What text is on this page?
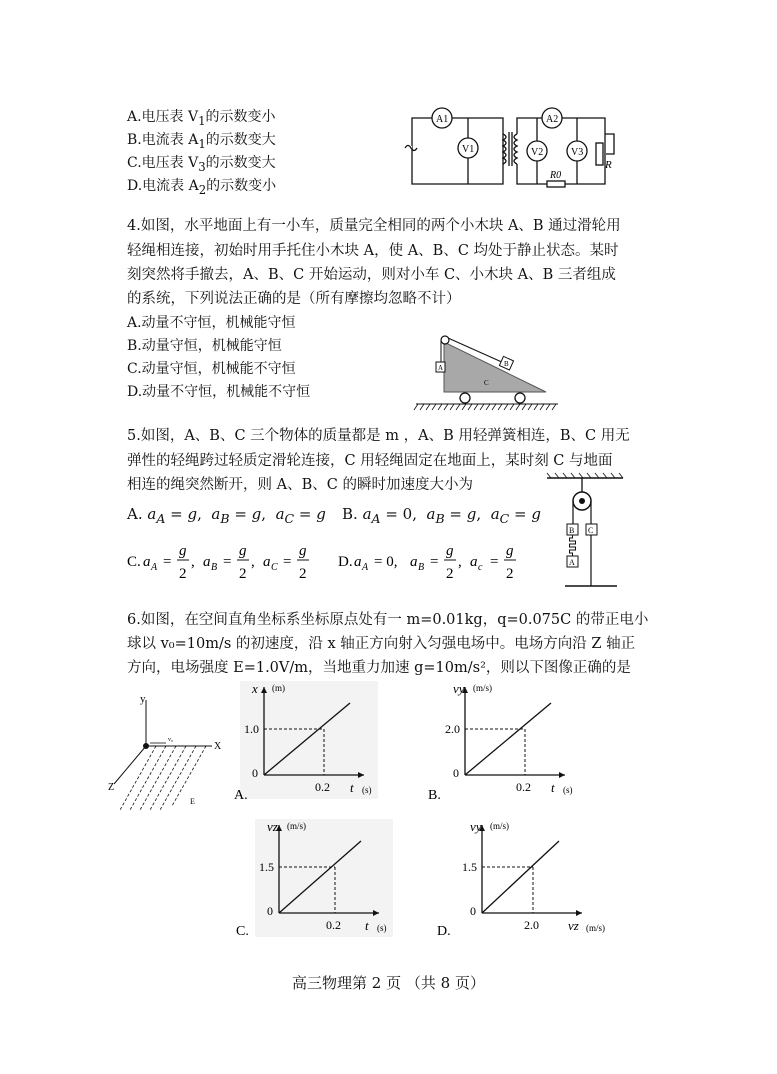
A.电压表 $V_1$的示数变小
B.电流表 $A_1$的示数变大
C.电压表 $V_3$的示数变大
D.电流表 $A_2$的示数变小
A1
V1
A2
V2	V3
R
R0
4.如图，水平地面上有一小车，质量完全相同的两个小木块 A、B 通过滑轮用
轻绳相连接，初始时用手托住小木块 A，使 A、B、C 均处于静止状态。某时
刻突然将手撤去，A、B、C 开始运动，则对小车 C、小木块 A、B 三者组成
的系统，下列说法正确的是（所有摩擦均忽略不计）
A.动量不守恒，机械能守恒
B.动量守恒，机械能守恒
C.动量守恒，机械能不守恒
D.动量不守恒，机械能不守恒
A	B
C
5.如图，A、B、C 三个物体的质量都是 m ，A、B 用轻弹簧相连，B、C 用无
弹性的轻绳跨过轻质定滑轮连接，C 用轻绳固定在地面上，某时刻 C 与地面
相连的绳突然断开，则 A、B、C 的瞬时加速度大小为
A. $a_A = g$,  $a_B = g$,  $a_C = g$ B. $a_A = 0$,  $a_B = g$,  $a_C = g$
C. a A =
g
2
, a B =
g
2
, a C =
g
2
D. a A = 0, a B =
g
2
, a c =
g
2
B C
A
6.如图，在空间直角坐标系坐标原点处有一 m=0.01kg，q=0.075C 的带正电小
球以 v₀=10m/s 的初速度，沿 x 轴正方向射入匀强电场中。电场方向沿 Z 轴正
方向，电场强度 E=1.0V/m，当地重力加速 g=10m/s²，则以下图像正确的是
y
X
Z
v₀
E
1.0
0.2
0
x (m)
t (s)
A.
2.0
0.2
0
vy (m/s)
t (s)
B.
1.5
0.2
0
vz (m/s)
t (s)
C.
1.5
2.0
0
vy (m/s)
vz (m/s)
D.
高三物理第 2 页 （共 8 页）
